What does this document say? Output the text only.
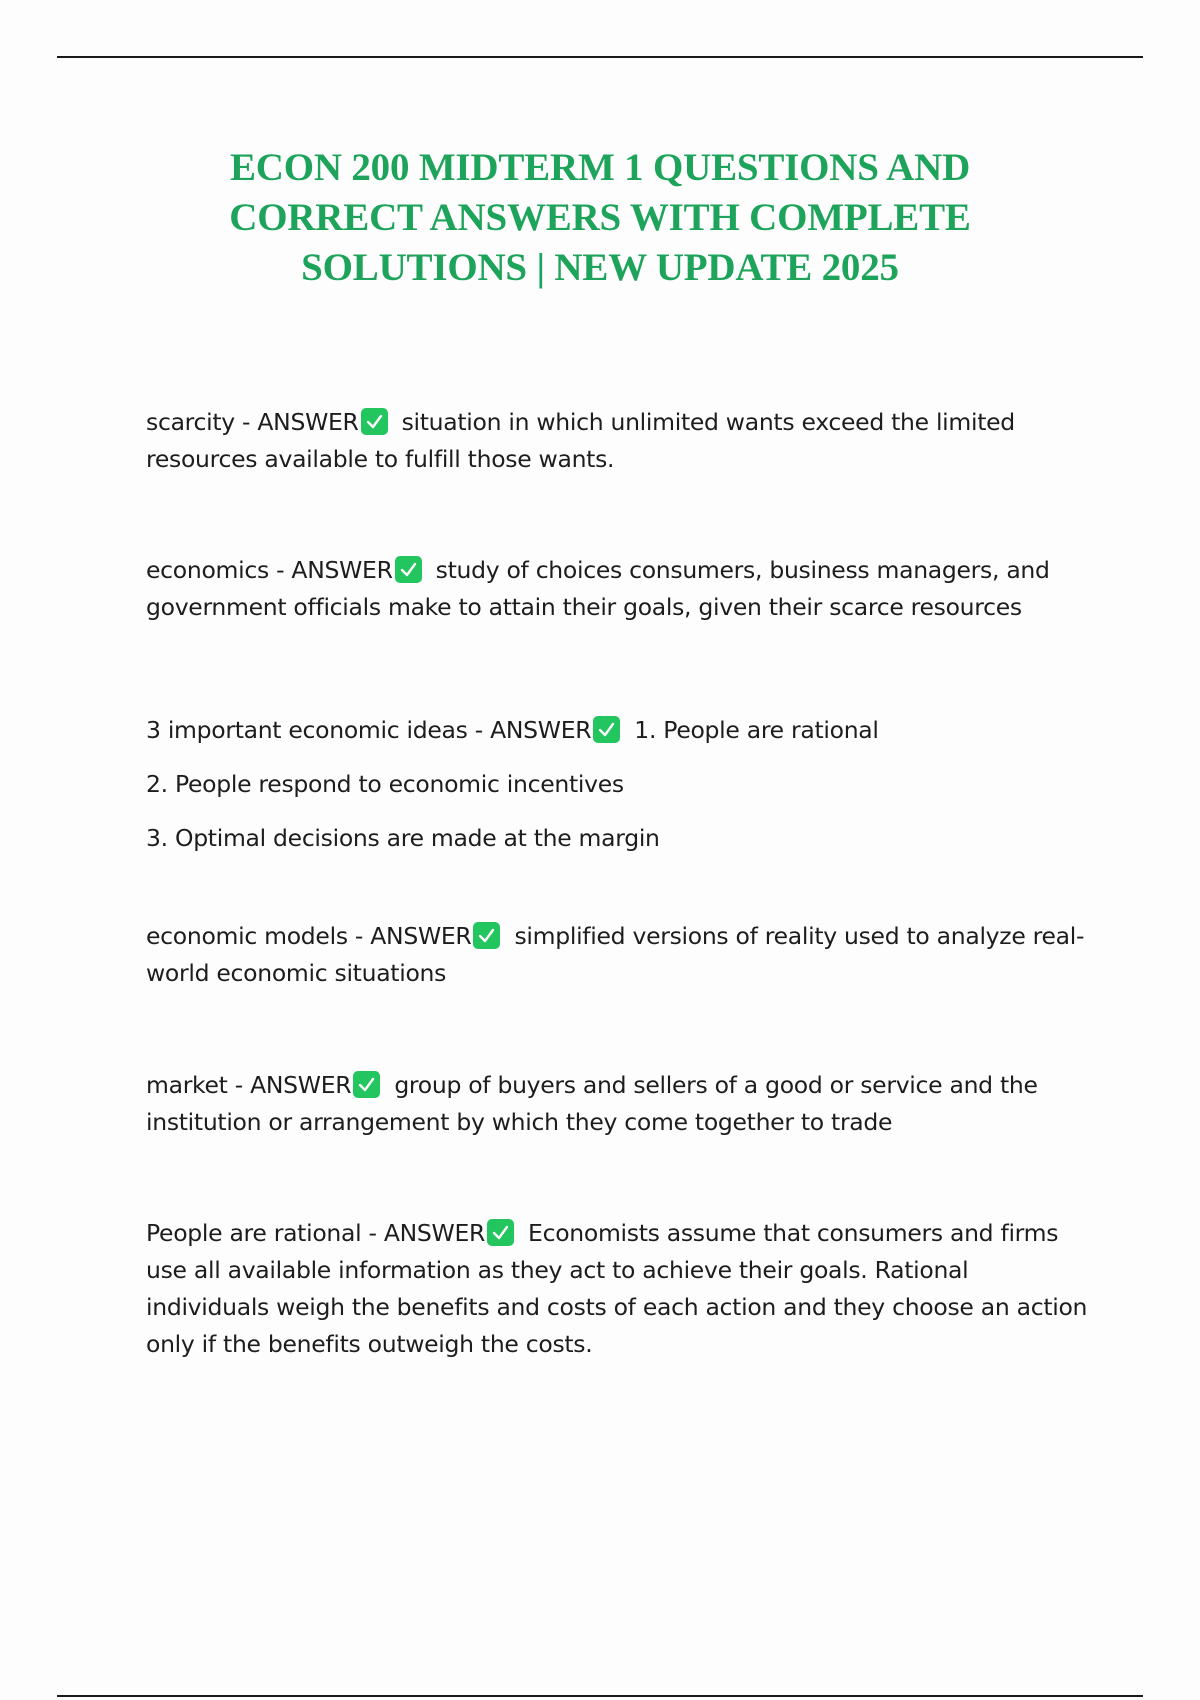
ECON 200 MIDTERM 1 QUESTIONS AND CORRECT ANSWERS WITH COMPLETE SOLUTIONS | NEW UPDATE 2025

scarcity - ANSWER situation in which unlimited wants exceed the limited resources available to fulfill those wants.

economics - ANSWER study of choices consumers, business managers, and government officials make to attain their goals, given their scarce resources

3 important economic ideas - ANSWER 1. People are rational

2. People respond to economic incentives

3. Optimal decisions are made at the margin

economic models - ANSWER simplified versions of reality used to analyze real-world economic situations

market - ANSWER group of buyers and sellers of a good or service and the institution or arrangement by which they come together to trade

People are rational - ANSWER Economists assume that consumers and firms use all available information as they act to achieve their goals. Rational individuals weigh the benefits and costs of each action and they choose an action only if the benefits outweigh the costs.
